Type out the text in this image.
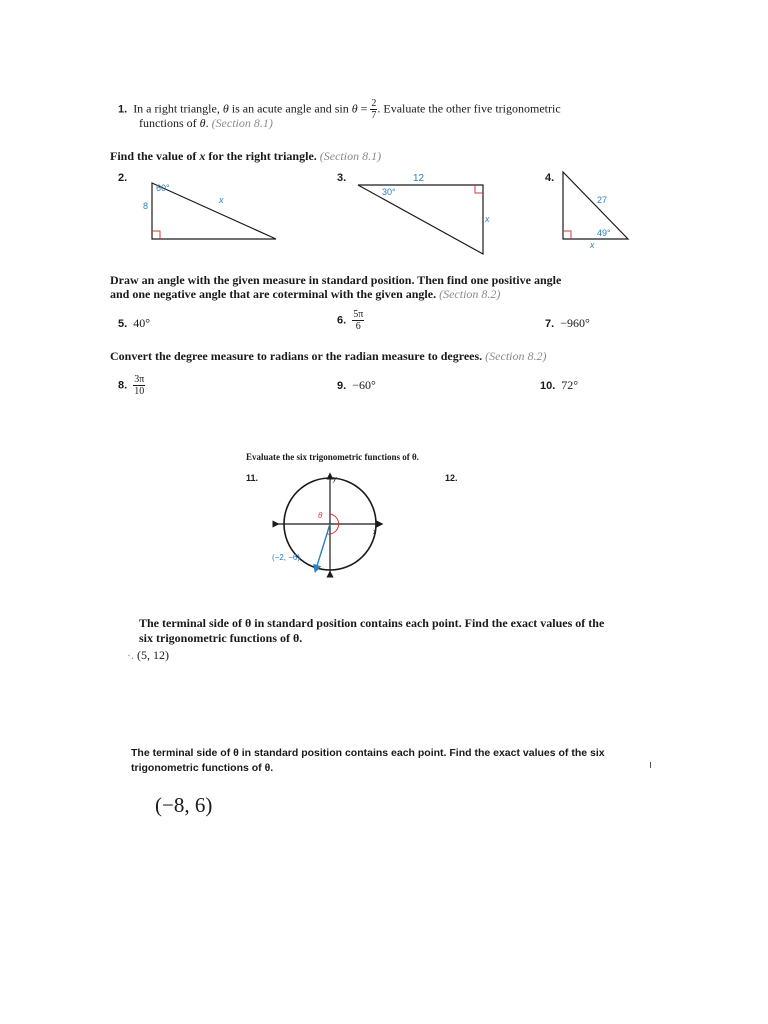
1. In a right triangle, θ is an acute angle and $\sin \theta = \frac{2}{7}$ . Evaluate the other five trigonometric
functions of θ. (Section 8.1)
Find the value of x for the right triangle. (Section 8.1)
2.
60°
8
x
3.	12
30°
x
4.
27
49°
x
Draw an angle with the given measure in standard position. Then find one positive angle
and one negative angle that are coterminal with the given angle. (Section 8.2)
5. 40°	6. $\frac{5\pi}{6}$	7. −960°
Convert the degree measure to radians or the radian measure to degrees. (Section 8.2)
8. $\frac{3\pi}{10}$	9. −60°	10. 72°
Evaluate the six trigonometric functions of θ.
11.	12.
y
x
θ
(−2, −6)
The terminal side of θ in standard position contains each point. Find the exact values of the
six trigonometric functions of θ.
·. (5, 12)
The terminal side of θ in standard position contains each point. Find the exact values of the six
trigonometric functions of θ.
(−8, 6)
